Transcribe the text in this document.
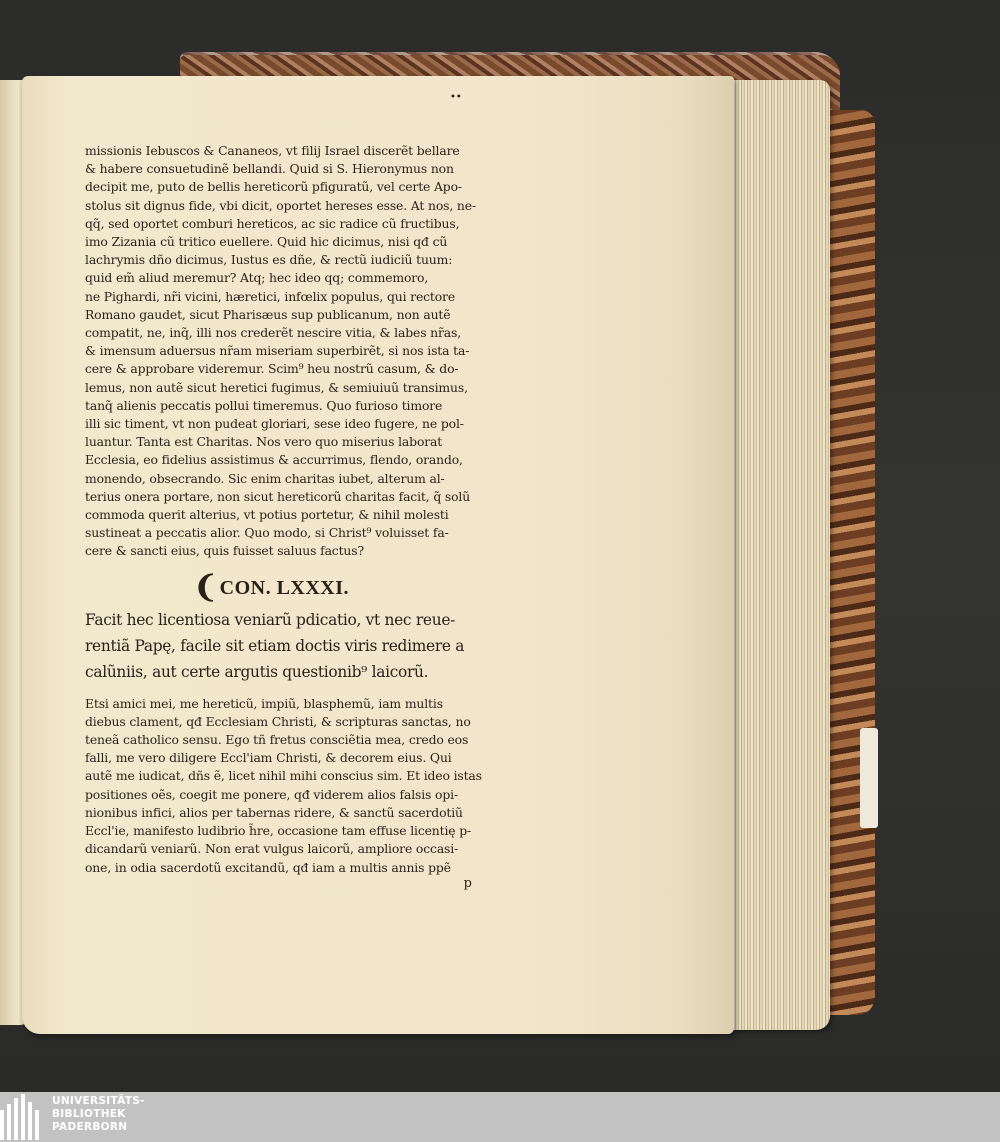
••
missionis Iebuscos & Cananeos, vt filij Israel discerẽt bellare
& habere consuetudinẽ bellandi. Quid si S. Hieronymus non
decipit me, puto de bellis hereticorũ pfiguratũ, vel certe Apo-
stolus sit dignus fide, vbi dicit, oportet hereses esse. At nos, ne-
qq̃, sed oportet comburi hereticos, ac sic radice cũ fructibus,
imo Zizania cũ tritico euellere. Quid hic dicimus, nisi qđ cũ
lachrymis dño dicimus, Iustus es dñe, & rectũ iudiciũ tuum:
quid em̃ aliud meremur? Atq; hec ideo qq; commemoro,
ne Pighardi, nr̃i vicini, hæretici, infœlix populus, qui rectore
Romano gaudet, sicut Pharisæus sup publicanum, non autẽ
compatit, ne, inq̃, illi nos crederẽt nescire vitia, & labes nr̃as,
& imensum aduersus nr̃am miseriam superbirẽt, si nos ista ta-
cere & approbare videremur. Scim⁹ heu nostrũ casum, & do-
lemus, non autẽ sicut heretici fugimus, & semiuiuũ transimus,
tanq̃ alienis peccatis pollui timeremus. Quo furioso timore
illi sic timent, vt non pudeat gloriari, sese ideo fugere, ne pol-
luantur. Tanta est Charitas. Nos vero quo miserius laborat
Ecclesia, eo fidelius assistimus & accurrimus, flendo, orando,
monendo, obsecrando. Sic enim charitas iubet, alterum al-
terius onera portare, non sicut hereticorũ charitas facit, q̃ solũ
commoda querit alterius, vt potius portetur, & nihil molesti
sustineat a peccatis alior. Quo modo, si Christ⁹ voluisset fa-
cere & sancti eius, quis fuisset saluus factus?
❨CON. LXXXI.
Facit hec licentiosa veniarũ pdicatio, vt nec reue-
rentiã Papę, facile sit etiam doctis viris redimere a
calũniis, aut certe argutis questionib⁹ laicorũ.
Etsi amici mei, me hereticũ, impiũ, blasphemũ, iam multis
diebus clament, qđ Ecclesiam Christi, & scripturas sanctas, no
teneã catholico sensu. Ego tñ fretus consciẽtia mea, credo eos
falli, me vero diligere Eccl'iam Christi, & decorem eius. Qui
autẽ me iudicat, dñs ẽ, licet nihil mihi conscius sim. Et ideo istas
positiones oẽs, coegit me ponere, qđ viderem alios falsis opi-
nionibus infici, alios per tabernas ridere, & sanctũ sacerdotiũ
Eccl'ie, manifesto ludibrio h̃re, occasione tam effuse licentię p-
dicandarũ veniarũ. Non erat vulgus laicorũ, ampliore occasi-
one, in odia sacerdotũ excitandũ, qđ iam a multis annis ppẽ
p
UNIVERSITÄTS-
BIBLIOTHEK
PADERBORN
